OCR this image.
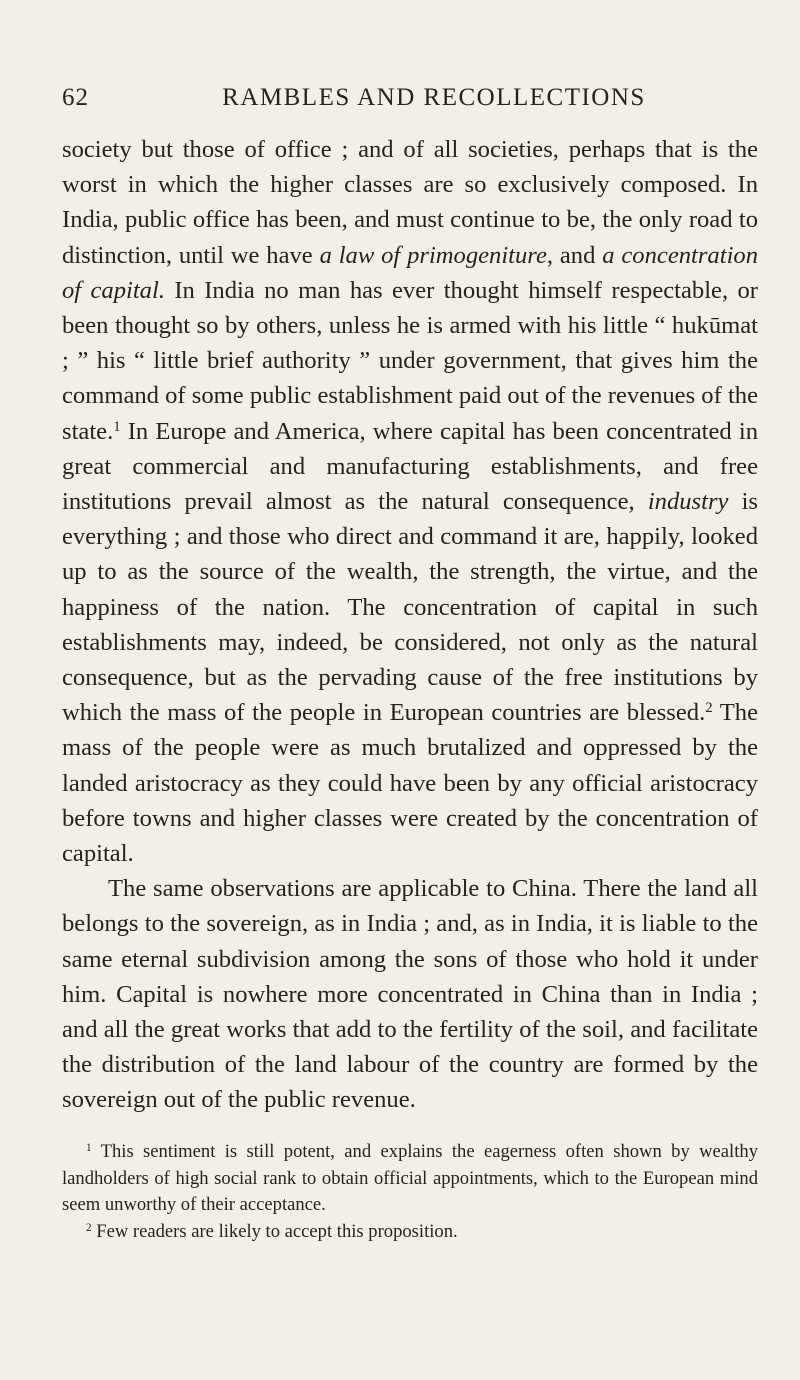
62	RAMBLES AND RECOLLECTIONS

society but those of office ; and of all societies, perhaps that is the worst in which the higher classes are so exclusively composed. In India, public office has been, and must continue to be, the only road to distinction, until we have a law of primogeniture, and a concentration of capital. In India no man has ever thought himself respectable, or been thought so by others, unless he is armed with his little “ hukūmat ; ” his “ little brief authority ” under government, that gives him the command of some public establishment paid out of the revenues of the state.$^1$ In Europe and America, where capital has been concentrated in great commercial and manufacturing establishments, and free institutions prevail almost as the natural consequence, industry is everything ; and those who direct and command it are, happily, looked up to as the source of the wealth, the strength, the virtue, and the happiness of the nation. The concentration of capital in such establishments may, indeed, be considered, not only as the natural consequence, but as the pervading cause of the free institutions by which the mass of the people in European countries are blessed.$^2$ The mass of the people were as much brutalized and oppressed by the landed aristocracy as they could have been by any official aristocracy before towns and higher classes were created by the concentration of capital.

The same observations are applicable to China. There the land all belongs to the sovereign, as in India ; and, as in India, it is liable to the same eternal subdivision among the sons of those who hold it under him. Capital is nowhere more concentrated in China than in India ; and all the great works that add to the fertility of the soil, and facilitate the distribution of the land labour of the country are formed by the sovereign out of the public revenue.

$^1$ This sentiment is still potent, and explains the eagerness often shown by wealthy landholders of high social rank to obtain official appointments, which to the European mind seem unworthy of their acceptance.

$^2$ Few readers are likely to accept this proposition.
